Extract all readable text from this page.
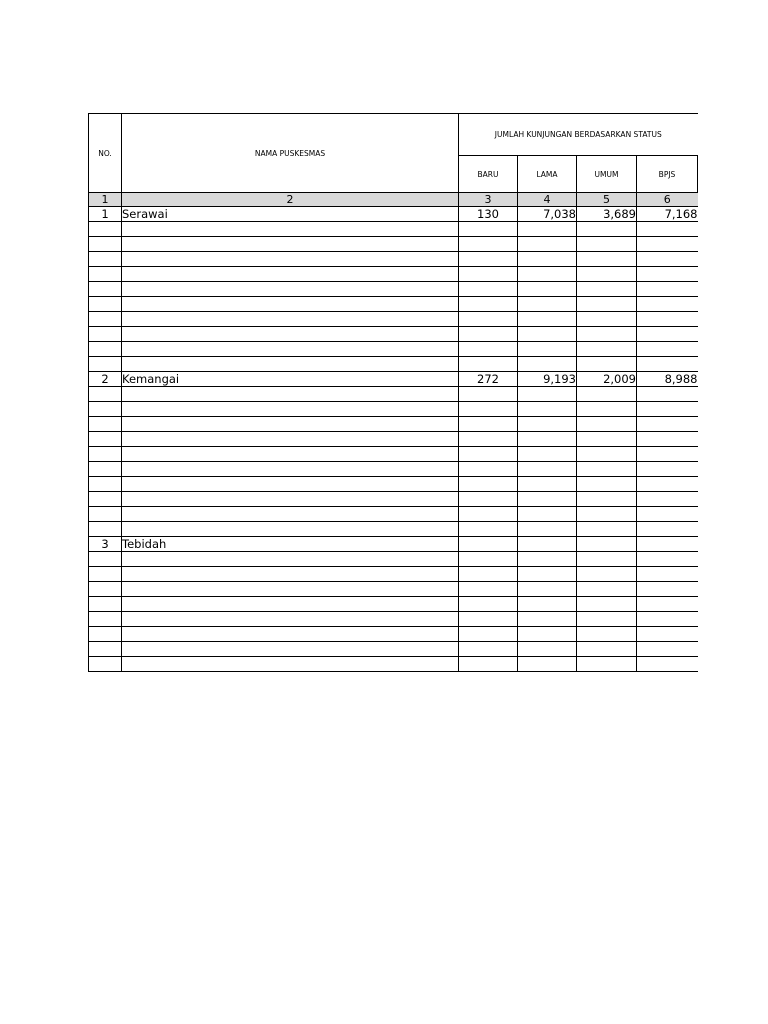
NO.	NAMA PUSKESMAS	JUMLAH KUNJUNGAN BERDASARKAN STATUS			
		BARU	LAMA	UMUM	BPJS
1	2	3	4	5	6
1	Serawai	130	7,038	3,689	7,168

2	Kemangai	272	9,193	2,009	8,988

3	Tebidah				
